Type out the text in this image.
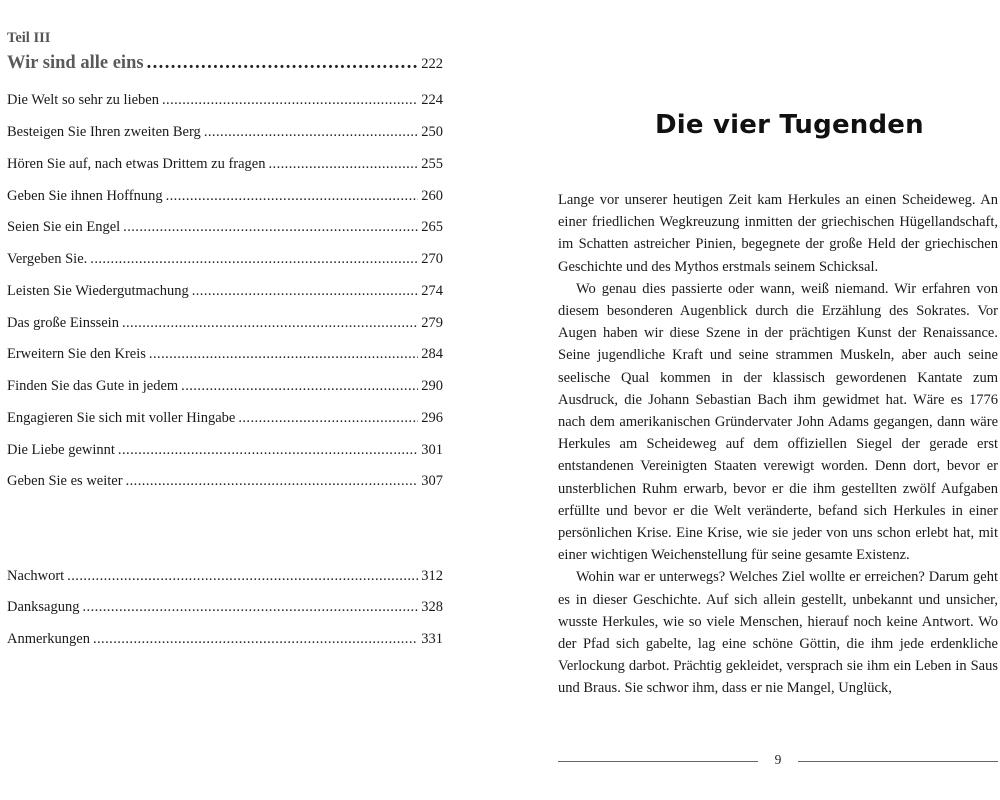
Teil III
Wir sind alle eins . . .	222
Die Welt so sehr zu lieben . . .	224
Besteigen Sie Ihren zweiten Berg . . .	250
Hören Sie auf, nach etwas Drittem zu fragen . . .	255
Geben Sie ihnen Hoffnung . . .	260
Seien Sie ein Engel . . .	265
Vergeben Sie. . . .	270
Leisten Sie Wiedergutmachung . . .	274
Das große Einssein . . .	279
Erweitern Sie den Kreis . . .	284
Finden Sie das Gute in jedem . . .	290
Engagieren Sie sich mit voller Hingabe . . .	296
Die Liebe gewinnt . . .	301
Geben Sie es weiter . . .	307
Nachwort . . .	312
Danksagung . . .	328
Anmerkungen . . .	331
Die vier Tugenden

Lange vor unserer heutigen Zeit kam Herkules an einen Scheideweg. An einer friedlichen Wegkreuzung inmitten der griechischen Hügellandschaft, im Schatten astreicher Pinien, begegnete der große Held der griechischen Geschichte und des Mythos erstmals seinem Schicksal.

Wo genau dies passierte oder wann, weiß niemand. Wir erfahren von diesem besonderen Augenblick durch die Erzählung des Sokrates. Vor Augen haben wir diese Szene in der prächtigen Kunst der Renaissance. Seine jugendliche Kraft und seine strammen Muskeln, aber auch seine seelische Qual kommen in der klassisch gewordenen Kantate zum Ausdruck, die Johann Sebastian Bach ihm gewidmet hat. Wäre es 1776 nach dem amerikanischen Gründervater John Adams gegangen, dann wäre Herkules am Scheideweg auf dem offiziellen Siegel der gerade erst entstandenen Vereinigten Staaten verewigt worden. Denn dort, bevor er unsterblichen Ruhm erwarb, bevor er die ihm gestellten zwölf Aufgaben erfüllte und bevor er die Welt veränderte, befand sich Herkules in einer persönlichen Krise. Eine Krise, wie sie jeder von uns schon erlebt hat, mit einer wichtigen Weichenstellung für seine gesamte Existenz.

Wohin war er unterwegs? Welches Ziel wollte er erreichen? Darum geht es in dieser Geschichte. Auf sich allein gestellt, unbekannt und unsicher, wusste Herkules, wie so viele Menschen, hierauf noch keine Antwort. Wo der Pfad sich gabelte, lag eine schöne Göttin, die ihm jede erdenkliche Verlockung darbot. Prächtig gekleidet, versprach sie ihm ein Leben in Saus und Braus. Sie schwor ihm, dass er nie Mangel, Unglück,

9
